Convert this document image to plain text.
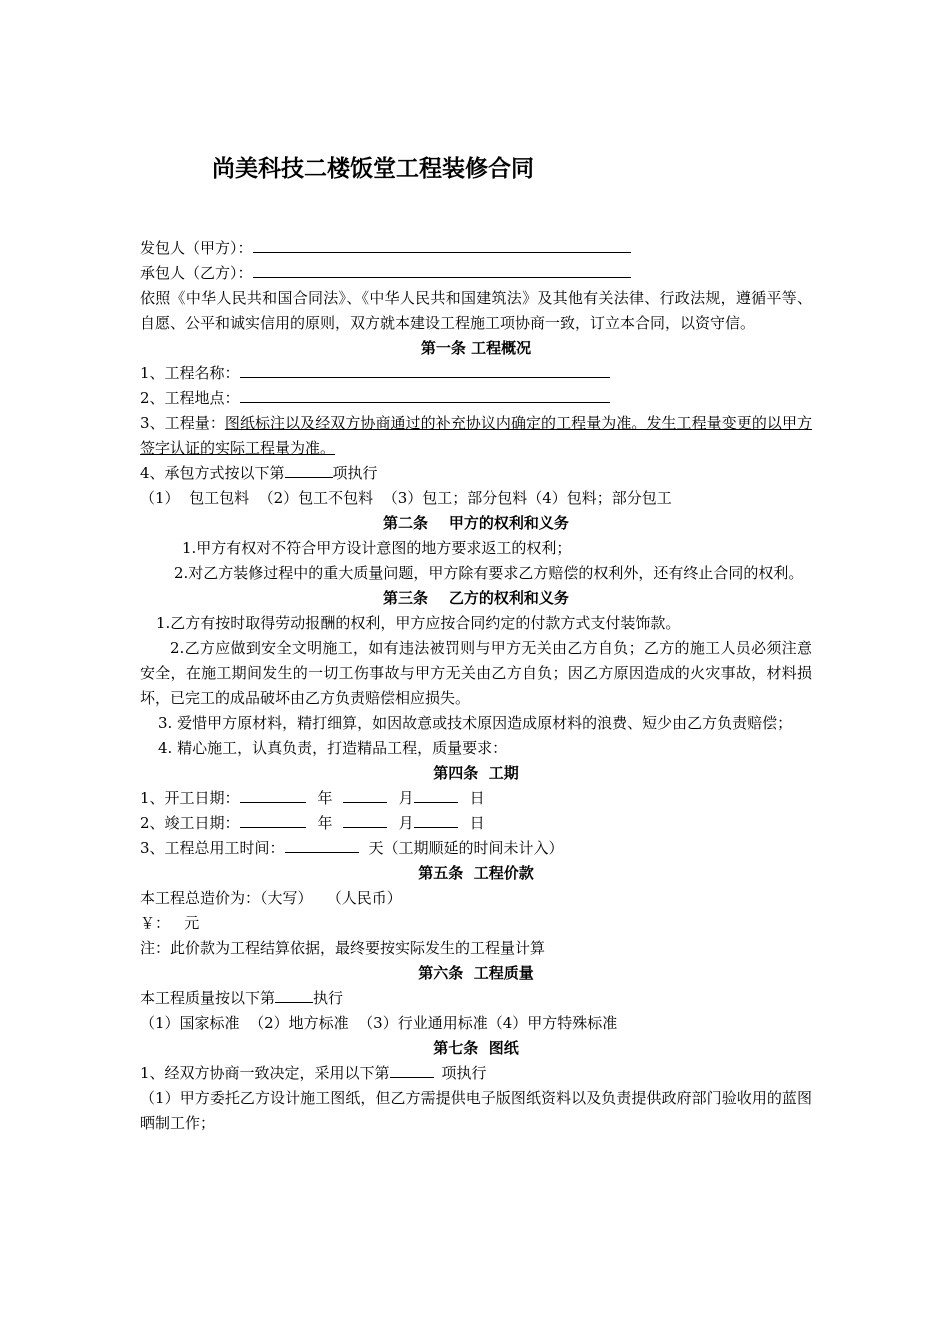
尚美科技二楼饭堂工程装修合同
发包人（甲方）：
承包人（乙方）：
依照《中华人民共和国合同法》、《中华人民共和国建筑法》及其他有关法律、行政法规，遵循平等、自愿、公平和诚实信用的原则，双方就本建设工程施工项协商一致，订立本合同，以资守信。
第一条 工程概况
1、工程名称：
2、工程地点：
3、工程量：图纸标注以及经双方协商通过的补充协议内确定的工程量为准。发生工程量变更的以甲方签字认证的实际工程量为准。
4、承包方式按以下第	项执行
（1）  包工包料  （2）包工不包料  （3）包工；部分包料（4）包料；部分包工
第二条    甲方的权利和义务
1.甲方有权对不符合甲方设计意图的地方要求返工的权利；
2.对乙方装修过程中的重大质量问题，甲方除有要求乙方赔偿的权利外，还有终止合同的权利。
第三条    乙方的权利和义务
1.乙方有按时取得劳动报酬的权利，甲方应按合同约定的付款方式支付装饰款。
2.乙方应做到安全文明施工，如有违法被罚则与甲方无关由乙方自负；乙方的施工人员必须注意安全，在施工期间发生的一切工伤事故与甲方无关由乙方自负；因乙方原因造成的火灾事故，材料损坏，已完工的成品破坏由乙方负责赔偿相应损失。
3. 爱惜甲方原材料，精打细算，如因故意或技术原因造成原材料的浪费、短少由乙方负责赔偿；
4. 精心施工，认真负责，打造精品工程，质量要求：
第四条  工期
1、开工日期：	年	月	日
2、竣工日期：	年	月	日
3、工程总用工时间：	天（工期顺延的时间未计入）
第五条  工程价款
本工程总造价为：（大写）   （人民币）
￥：   元
注：此价款为工程结算依据，最终要按实际发生的工程量计算
第六条  工程质量
本工程质量按以下第	执行
（1）国家标准  （2）地方标准  （3）行业通用标准（4）甲方特殊标准
第七条  图纸
1、经双方协商一致决定，采用以下第	项执行
（1）甲方委托乙方设计施工图纸，但乙方需提供电子版图纸资料以及负责提供政府部门验收用的蓝图晒制工作；
